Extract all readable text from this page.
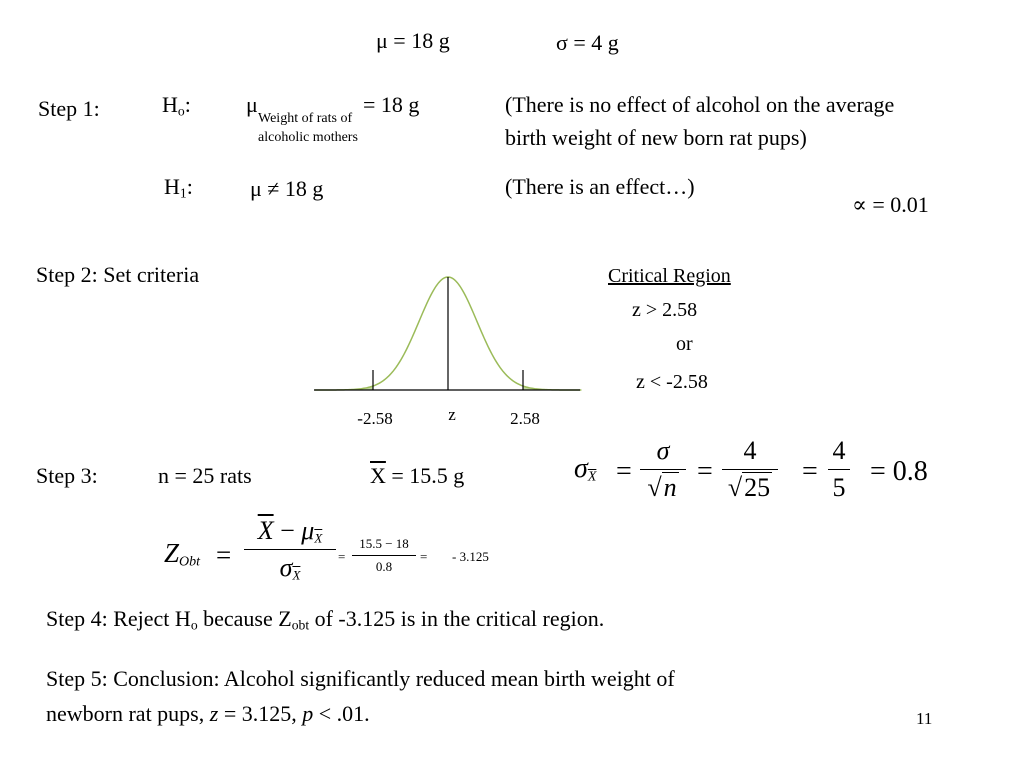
μ = 18 g	σ = 4 g
Step 1:	$H_o$:	μ
Weight of rats of
alcoholic mothers
= 18 g	(There is no effect of alcohol on the average
birth weight of new born rat pups)
$H_1$:	μ ≠ 18 g	(There is an effect…)
∝ = 0.01
Step 2: Set criteria
-2.58	z	2.58
Critical Region
z > 2.58
or
z < -2.58
Step 3:	n = 25 rats	$\overline{X} = 15.5$ g	$\sigma_{\overline{X}}$ =
σ
√n
=
4
√25
=
4
5
= 0.8
$Z_{Obt}$ =
$\overline{X} - \mu_{\overline{X}}$
$\sigma_{\overline{X}}$
=
15.5 − 18
0.8
= - 3.125
Step 4: Reject $H_o$ because $Z_{obt}$ of -3.125 is in the critical region.
Step 5: Conclusion: Alcohol significantly reduced mean birth weight of
newborn rat pups, z = 3.125, p < .01.	11
